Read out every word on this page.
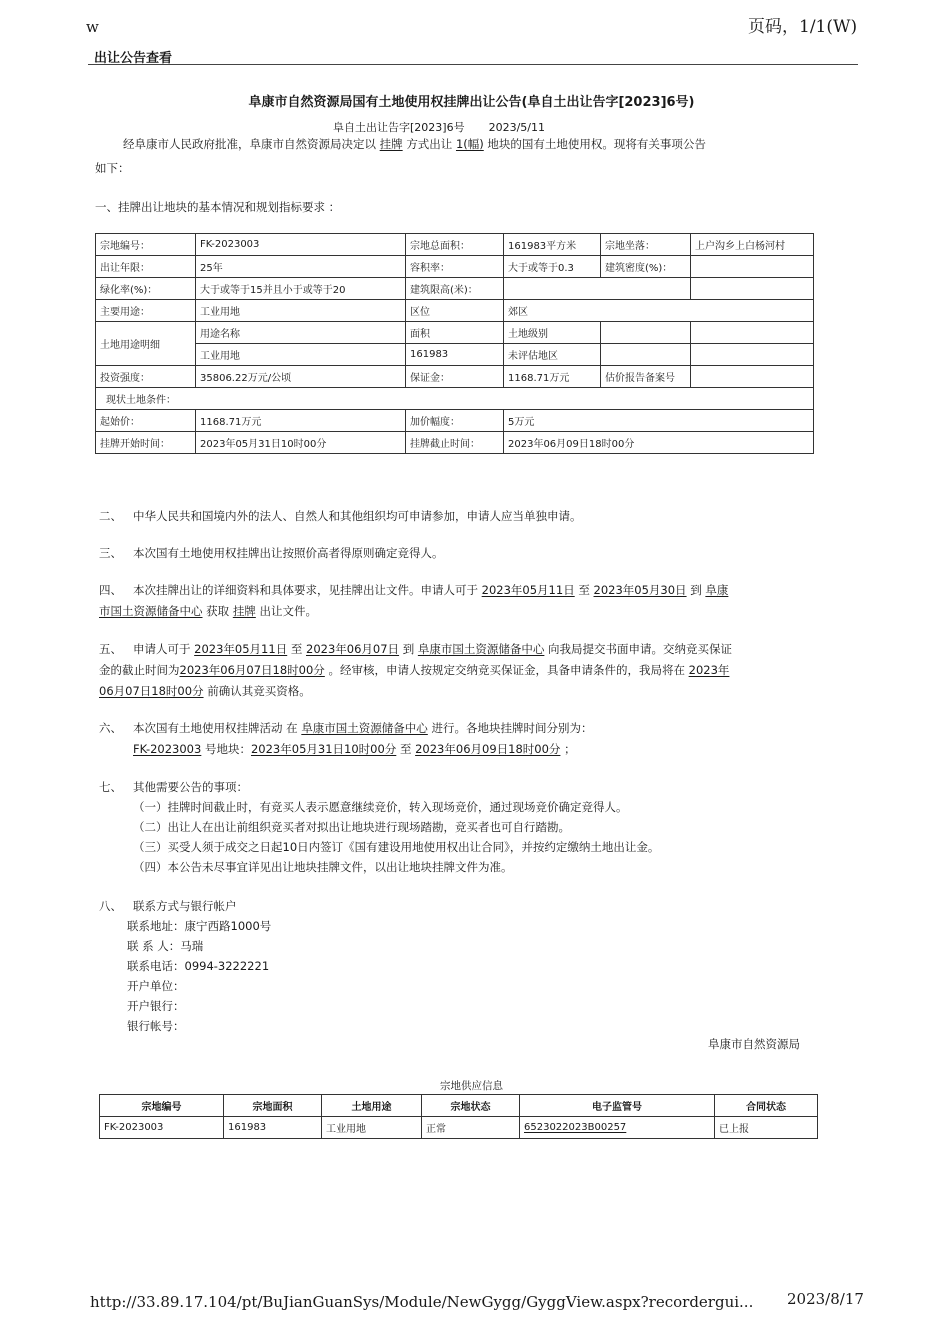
w	页码，1/1(W)
出让公告查看
阜康市自然资源局国有土地使用权挂牌出让公告(阜自土出让告字[2023]6号)
阜自土出让告字[2023]6号 2023/5/11
经阜康市人民政府批准，阜康市自然资源局决定以 挂牌 方式出让 1(幅) 地块的国有土地使用权。现将有关事项公告
如下：
一、挂牌出让地块的基本情况和规划指标要求 ：
宗地编号：	FK-2023003	宗地总面积：	161983平方米	宗地坐落：	上户沟乡上白杨河村
出让年限：	25年	容积率：	大于或等于0.3	建筑密度(%)：	
绿化率(%)：	大于或等于15并且小于或等于20	建筑限高(米)：			
主要用途：	工业用地	区位	郊区		
土地用途明细	用途名称	面积	土地级别		
	工业用地	161983	未评估地区		
投资强度：	35806.22万元/公顷	保证金：	1168.71万元	估价报告备案号	
现状土地条件：					
起始价：	1168.71万元	加价幅度：	5万元		
挂牌开始时间：	2023年05月31日10时00分	挂牌截止时间：	2023年06月09日18时00分		
二、 中华人民共和国境内外的法人、自然人和其他组织均可申请参加，申请人应当单独申请。
三、 本次国有土地使用权挂牌出让按照价高者得原则确定竞得人。
四、 本次挂牌出让的详细资料和具体要求，见挂牌出让文件。申请人可于 2023年05月11日 至 2023年05月30日 到 阜康
市国土资源储备中心 获取 挂牌 出让文件。
五、 申请人可于 2023年05月11日 至 2023年06月07日 到 阜康市国土资源储备中心 向我局提交书面申请。交纳竞买保证
金的截止时间为2023年06月07日18时00分 。经审核，申请人按规定交纳竞买保证金，具备申请条件的，我局将在 2023年
06月07日18时00分 前确认其竞买资格。
六、 本次国有土地使用权挂牌活动 在 阜康市国土资源储备中心 进行。各地块挂牌时间分别为：
FK-2023003 号地块：2023年05月31日10时00分 至 2023年06月09日18时00分 ；
七、 其他需要公告的事项：
（一）挂牌时间截止时，有竞买人表示愿意继续竞价，转入现场竞价，通过现场竞价确定竞得人。
（二）出让人在出让前组织竞买者对拟出让地块进行现场踏勘，竞买者也可自行踏勘。
（三）买受人须于成交之日起10日内签订《国有建设用地使用权出让合同》，并按约定缴纳土地出让金。
（四）本公告未尽事宜详见出让地块挂牌文件，以出让地块挂牌文件为准。
八、 联系方式与银行帐户
联系地址：康宁西路1000号
联 系 人：马瑞
联系电话：0994-3222221
开户单位：
开户银行：
银行帐号：
阜康市自然资源局
宗地供应信息
宗地编号	宗地面积	土地用途	宗地状态	电子监管号	合同状态
FK-2023003	161983	工业用地	正常	6523022023B00257	已上报
http://33.89.17.104/pt/BuJianGuanSys/Module/NewGygg/GyggView.aspx?recordergui... 2023/8/17
